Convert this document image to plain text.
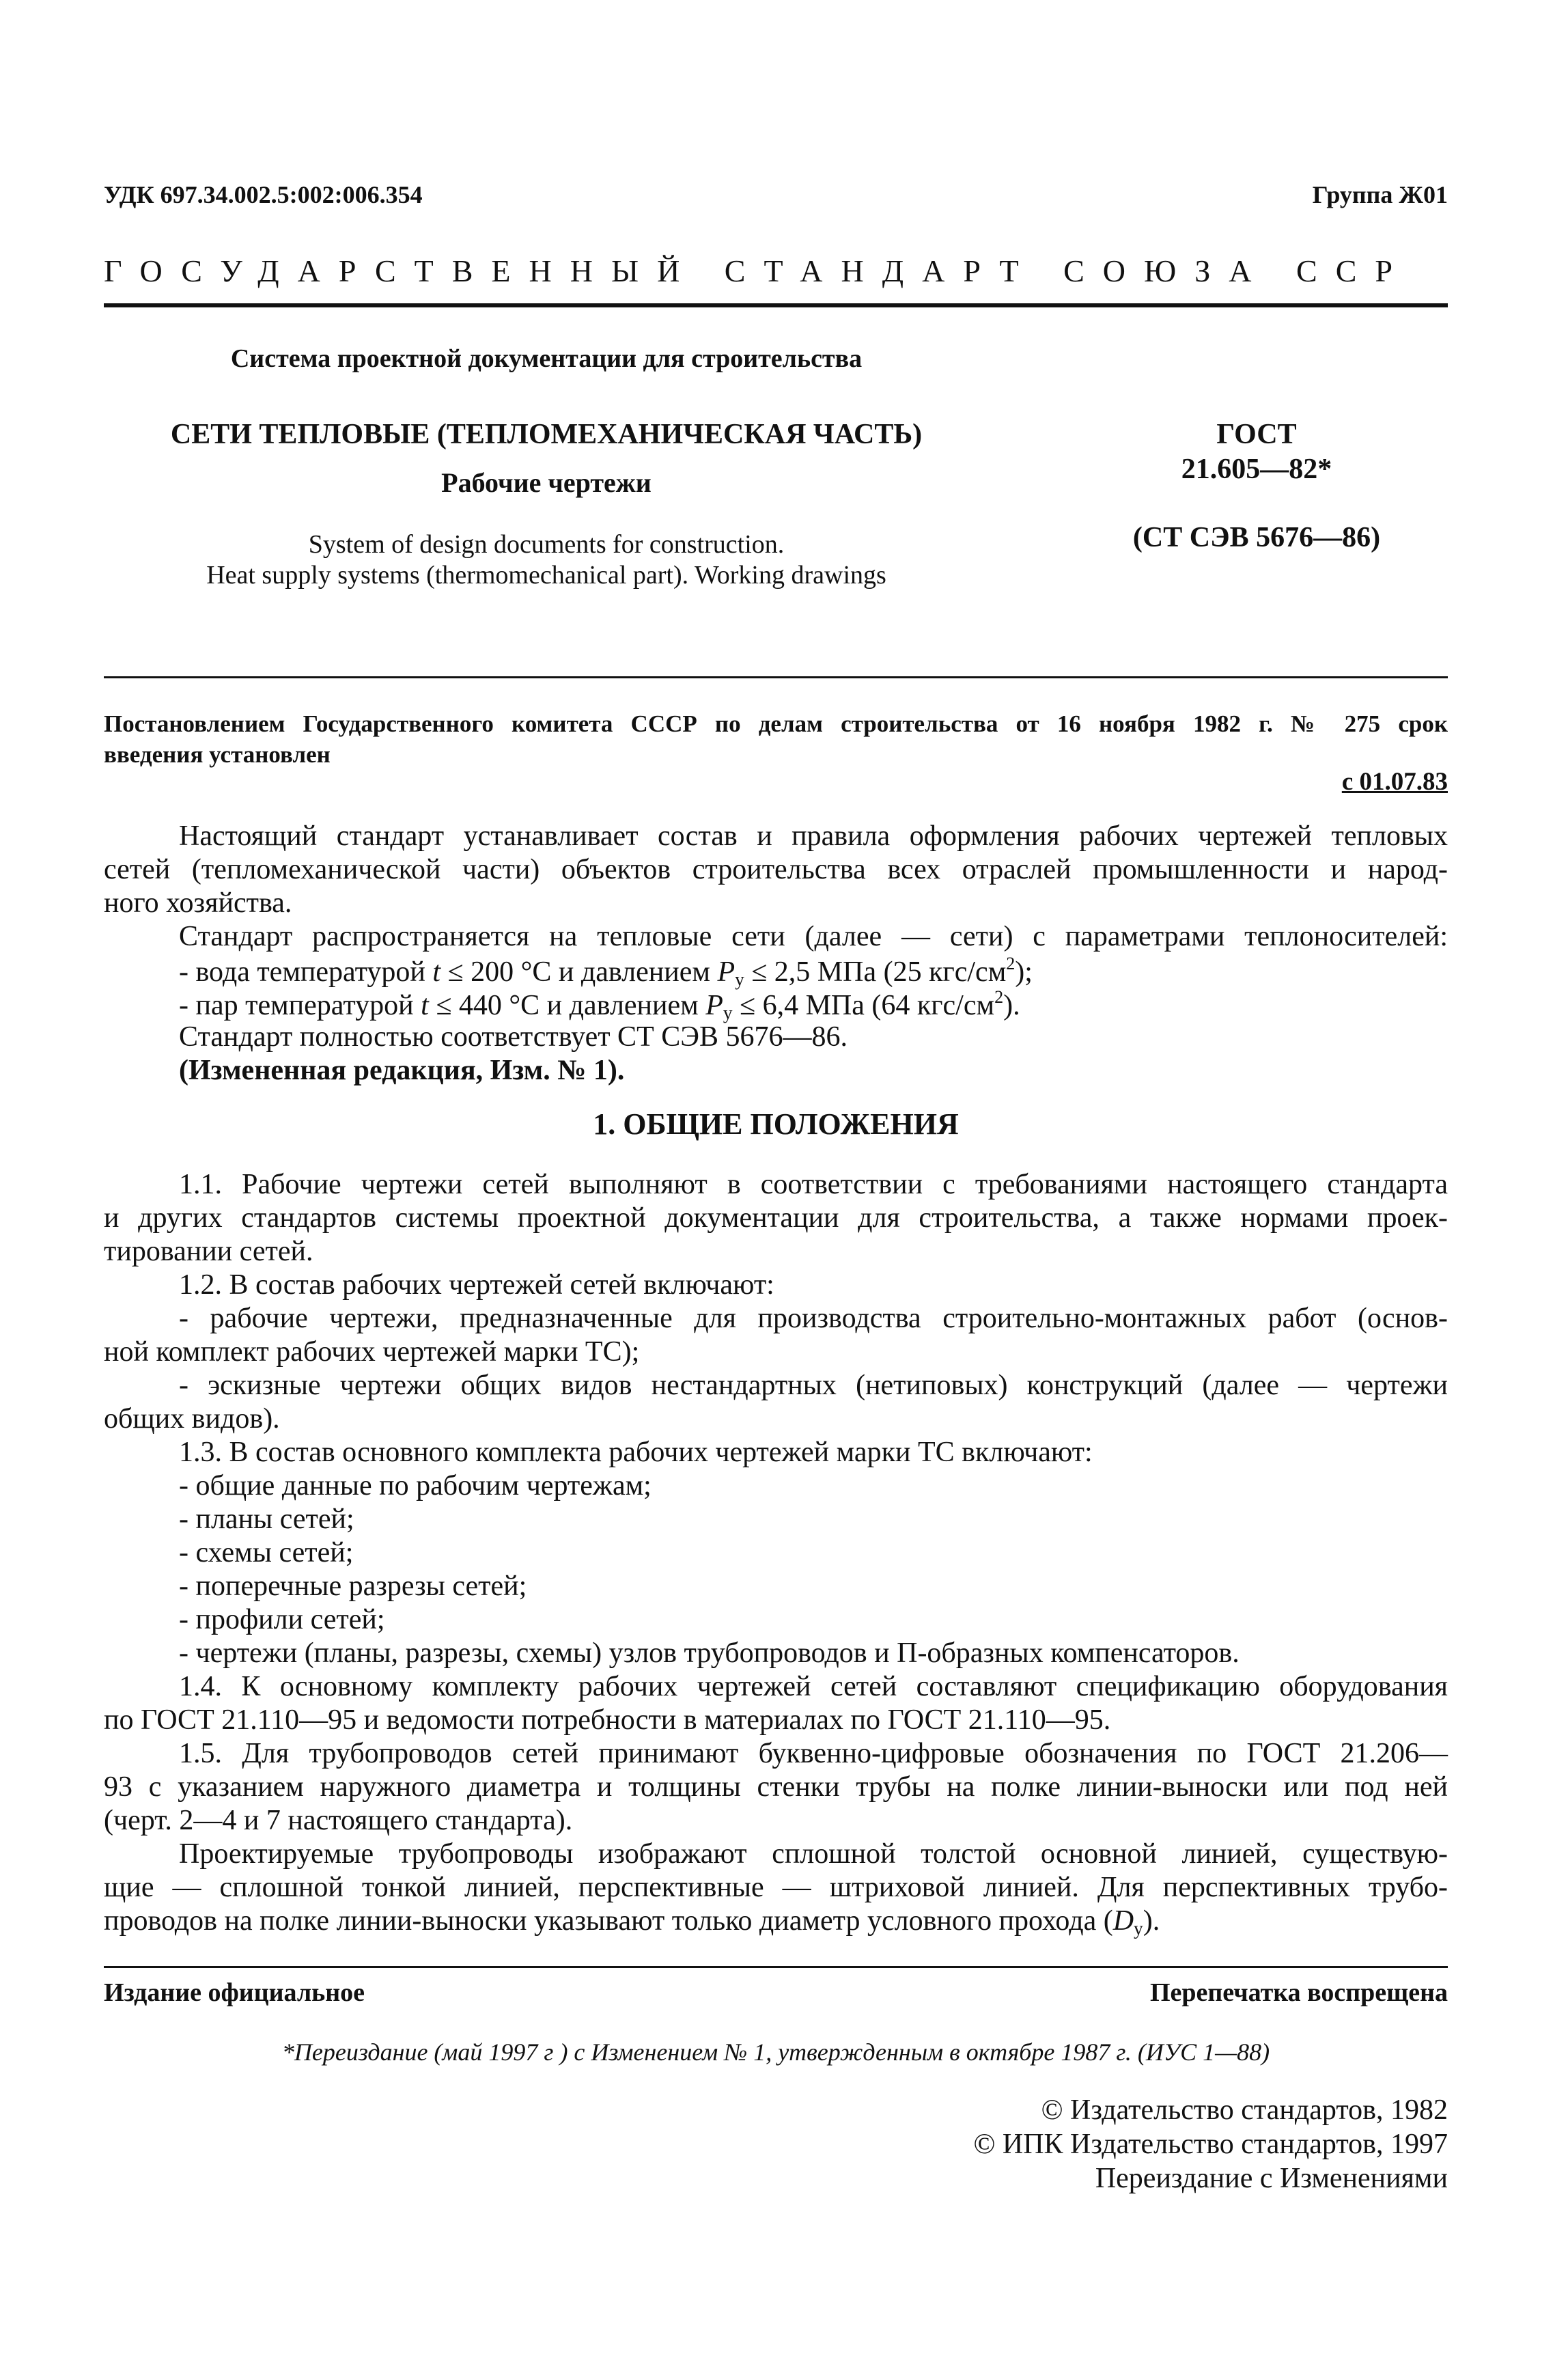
УДК 697.34.002.5:002:006.354	Группа Ж01
ГОСУДАРСТВЕННЫЙ СТАНДАРТ СОЮЗА ССР
Система проектной документации для строительства
СЕТИ ТЕПЛОВЫЕ (ТЕПЛОМЕХАНИЧЕСКАЯ ЧАСТЬ)
Рабочие чертежи
System of design documents for construction.
Heat supply systems (thermomechanical part). Working drawings
ГОСТ
21.605—82*
(СТ СЭВ 5676—86)
Постановлением Государственного комитета СССР по делам строительства от 16 ноября 1982 г. № 275 срок
введения установлен
с 01.07.83
Настоящий стандарт устанавливает состав и правила оформления рабочих чертежей тепловых
сетей (тепломеханической части) объектов строительства всех отраслей промышленности и народ-
ного хозяйства.
Стандарт распространяется на тепловые сети (далее — сети) с параметрами теплоносителей:
- вода температурой t ≤ 200 °С и давлением $P_y \le 2,5$ МПа (25 кгс/$см^2$);
- пар температурой t ≤ 440 °С и давлением $P_y \le 6,4$ МПа (64 кгс/$см^2$).
Стандарт полностью соответствует СТ СЭВ 5676—86.
(Измененная редакция, Изм. № 1).
1. ОБЩИЕ ПОЛОЖЕНИЯ
1.1. Рабочие чертежи сетей выполняют в соответствии с требованиями настоящего стандарта
и других стандартов системы проектной документации для строительства, а также нормами проек-
тировании сетей.
1.2. В состав рабочих чертежей сетей включают:
- рабочие чертежи, предназначенные для производства строительно-монтажных работ (основ-
ной комплект рабочих чертежей марки ТС);
- эскизные чертежи общих видов нестандартных (нетиповых) конструкций (далее — чертежи
общих видов).
1.3. В состав основного комплекта рабочих чертежей марки ТС включают:
- общие данные по рабочим чертежам;
- планы сетей;
- схемы сетей;
- поперечные разрезы сетей;
- профили сетей;
- чертежи (планы, разрезы, схемы) узлов трубопроводов и П-образных компенсаторов.
1.4. К основному комплекту рабочих чертежей сетей составляют спецификацию оборудования
по ГОСТ 21.110—95 и ведомости потребности в материалах по ГОСТ 21.110—95.
1.5. Для трубопроводов сетей принимают буквенно-цифровые обозначения по ГОСТ 21.206—
93 с указанием наружного диаметра и толщины стенки трубы на полке линии-выноски или под ней
(черт. 2—4 и 7 настоящего стандарта).
Проектируемые трубопроводы изображают сплошной толстой основной линией, существую-
щие — сплошной тонкой линией, перспективные — штриховой линией. Для перспективных трубо-
проводов на полке линии-выноски указывают только диаметр условного прохода $(D_y)$.
Издание официальное	Перепечатка воспрещена
*Переиздание (май 1997 г ) с Изменением № 1, утвержденным в октябре 1987 г. (ИУС 1—88)
© Издательство стандартов, 1982
© ИПК Издательство стандартов, 1997
Переиздание с Изменениями
